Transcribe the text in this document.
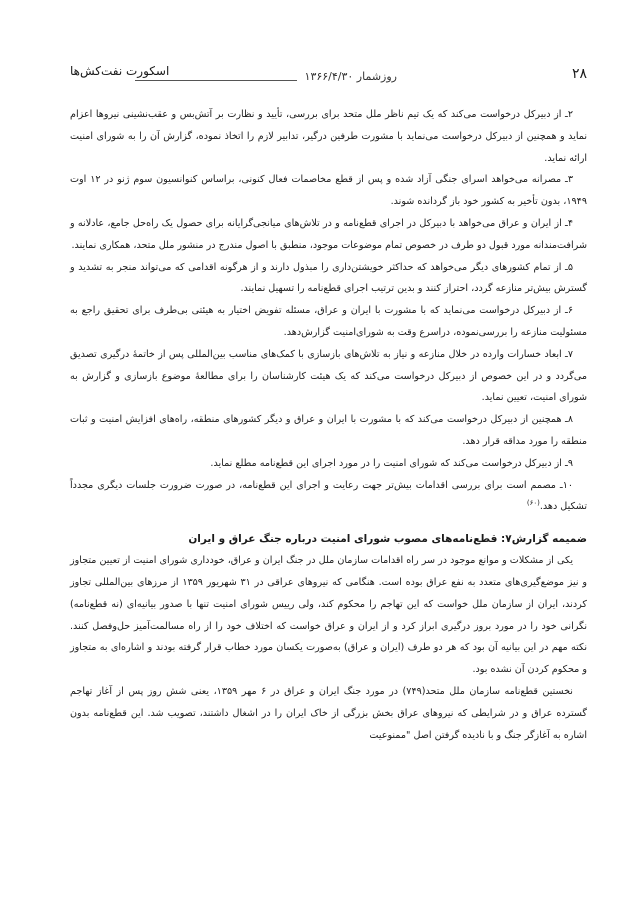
۲۸
روزشمار ۱۳۶۶/۴/۳۰
اسکورت نفت‌کش‌ها

۲ـ از دبیرکل درخواست می‌کند که یک تیم ناظر ملل متحد برای بررسی، تأیید و نظارت بر آتش‌بس و عقب‌نشینی نیروها اعزام نماید و همچنین از دبیرکل درخواست می‌نماید با مشورت طرفین درگیر، تدابیر لازم را اتخاذ نموده، گزارش آن را به شورای امنیت ارائه نماید.

۳ـ مصرانه می‌خواهد اسرای جنگی آزاد شده و پس از قطع مخاصمات فعال کنونی، براساس کنوانسیون سوم ژنو در ۱۲ اوت ۱۹۴۹، بدون تأخیر به کشور خود باز گردانده شوند.

۴ـ از ایران و عراق می‌خواهد با دبیرکل در اجرای قطع‌نامه و در تلاش‌های میانجی‌گرایانه برای حصول یک راه‌حل جامع، عادلانه و شرافت‌مندانه مورد قبول دو طرف در خصوص تمام موضوعات موجود، منطبق با اصول مندرج در منشور ملل متحد، همکاری نمایند.

۵ـ از تمام کشورهای دیگر می‌خواهد که حداکثر خویشتن‌داری را مبذول دارند و از هرگونه اقدامی که می‌تواند منجر به تشدید و گسترش بیش‌تر منازعه گردد، احتراز کنند و بدین ترتیب اجرای قطع‌نامه را تسهیل نمایند.

۶ـ از دبیرکل درخواست می‌نماید که با مشورت با ایران و عراق، مسئله تفویض اختیار به هیئتی بی‌طرف برای تحقیق راجع به مسئولیت منازعه را بررسی‌نموده، دراسرع وقت به شورای‌امنیت گزارش‌دهد.

۷ـ ابعاد خسارات وارده در خلال منازعه و نیاز به تلاش‌های بازسازی با کمک‌های مناسب بین‌المللی پس از خاتمهٔ درگیری تصدیق می‌گردد و در این خصوص از دبیرکل درخواست می‌کند که یک هیئت کارشناسان را برای مطالعهٔ موضوع بازسازی و گزارش به شورای امنیت، تعیین نماید.

۸ـ همچنین از دبیرکل درخواست می‌کند که با مشورت با ایران و عراق و دیگر کشورهای منطقه، راه‌های افزایش امنیت و ثبات منطقه را مورد مداقه قرار دهد.

۹ـ از دبیرکل درخواست می‌کند که شورای امنیت را در مورد اجرای این قطع‌نامه مطلع نماید.

۱۰ـ مصمم است برای بررسی اقدامات بیش‌تر جهت رعایت و اجرای این قطع‌نامه، در صورت ضرورت جلسات دیگری مجدداً تشکیل دهد.$^{(۶۰)}$

ضمیمه گزارش۷: قطع‌نامه‌های مصوب شورای امنیت درباره جنگ عراق و ایران

یکی از مشکلات و موانع موجود در سر راه اقدامات سازمان ملل در جنگ ایران و عراق، خودداری شورای امنیت از تعیین متجاوز و نیز موضع‌گیری‌های متعدد به نفع عراق بوده است. هنگامی که نیروهای عراقی در ۳۱ شهریور ۱۳۵۹ از مرزهای بین‌المللی تجاوز کردند، ایران از سازمان ملل خواست که این تهاجم را محکوم کند، ولی رییس شورای امنیت تنها با صدور بیانیه‌ای (نه قطع‌نامه) نگرانی خود را در مورد بروز درگیری ابراز کرد و از ایران و عراق خواست که اختلاف خود را از راه مسالمت‌آمیز حل‌وفصل کنند. نکته مهم در این بیانیه آن بود که هر دو طرف (ایران و عراق) به‌صورت یکسان مورد خطاب قرار گرفته بودند و اشاره‌ای به متجاوز و محکوم کردن آن نشده بود.

نخستین قطع‌نامه سازمان ملل متحد(۷۴۹) در مورد جنگ ایران و عراق در ۶ مهر ۱۳۵۹، یعنی شش روز پس از آغاز تهاجم گسترده عراق و در شرایطی که نیروهای عراق بخش بزرگی از خاک ایران را در اشغال داشتند، تصویب شد. این قطع‌نامه بدون اشاره به آغازگر جنگ و با نادیده گرفتن اصل "ممنوعیت
